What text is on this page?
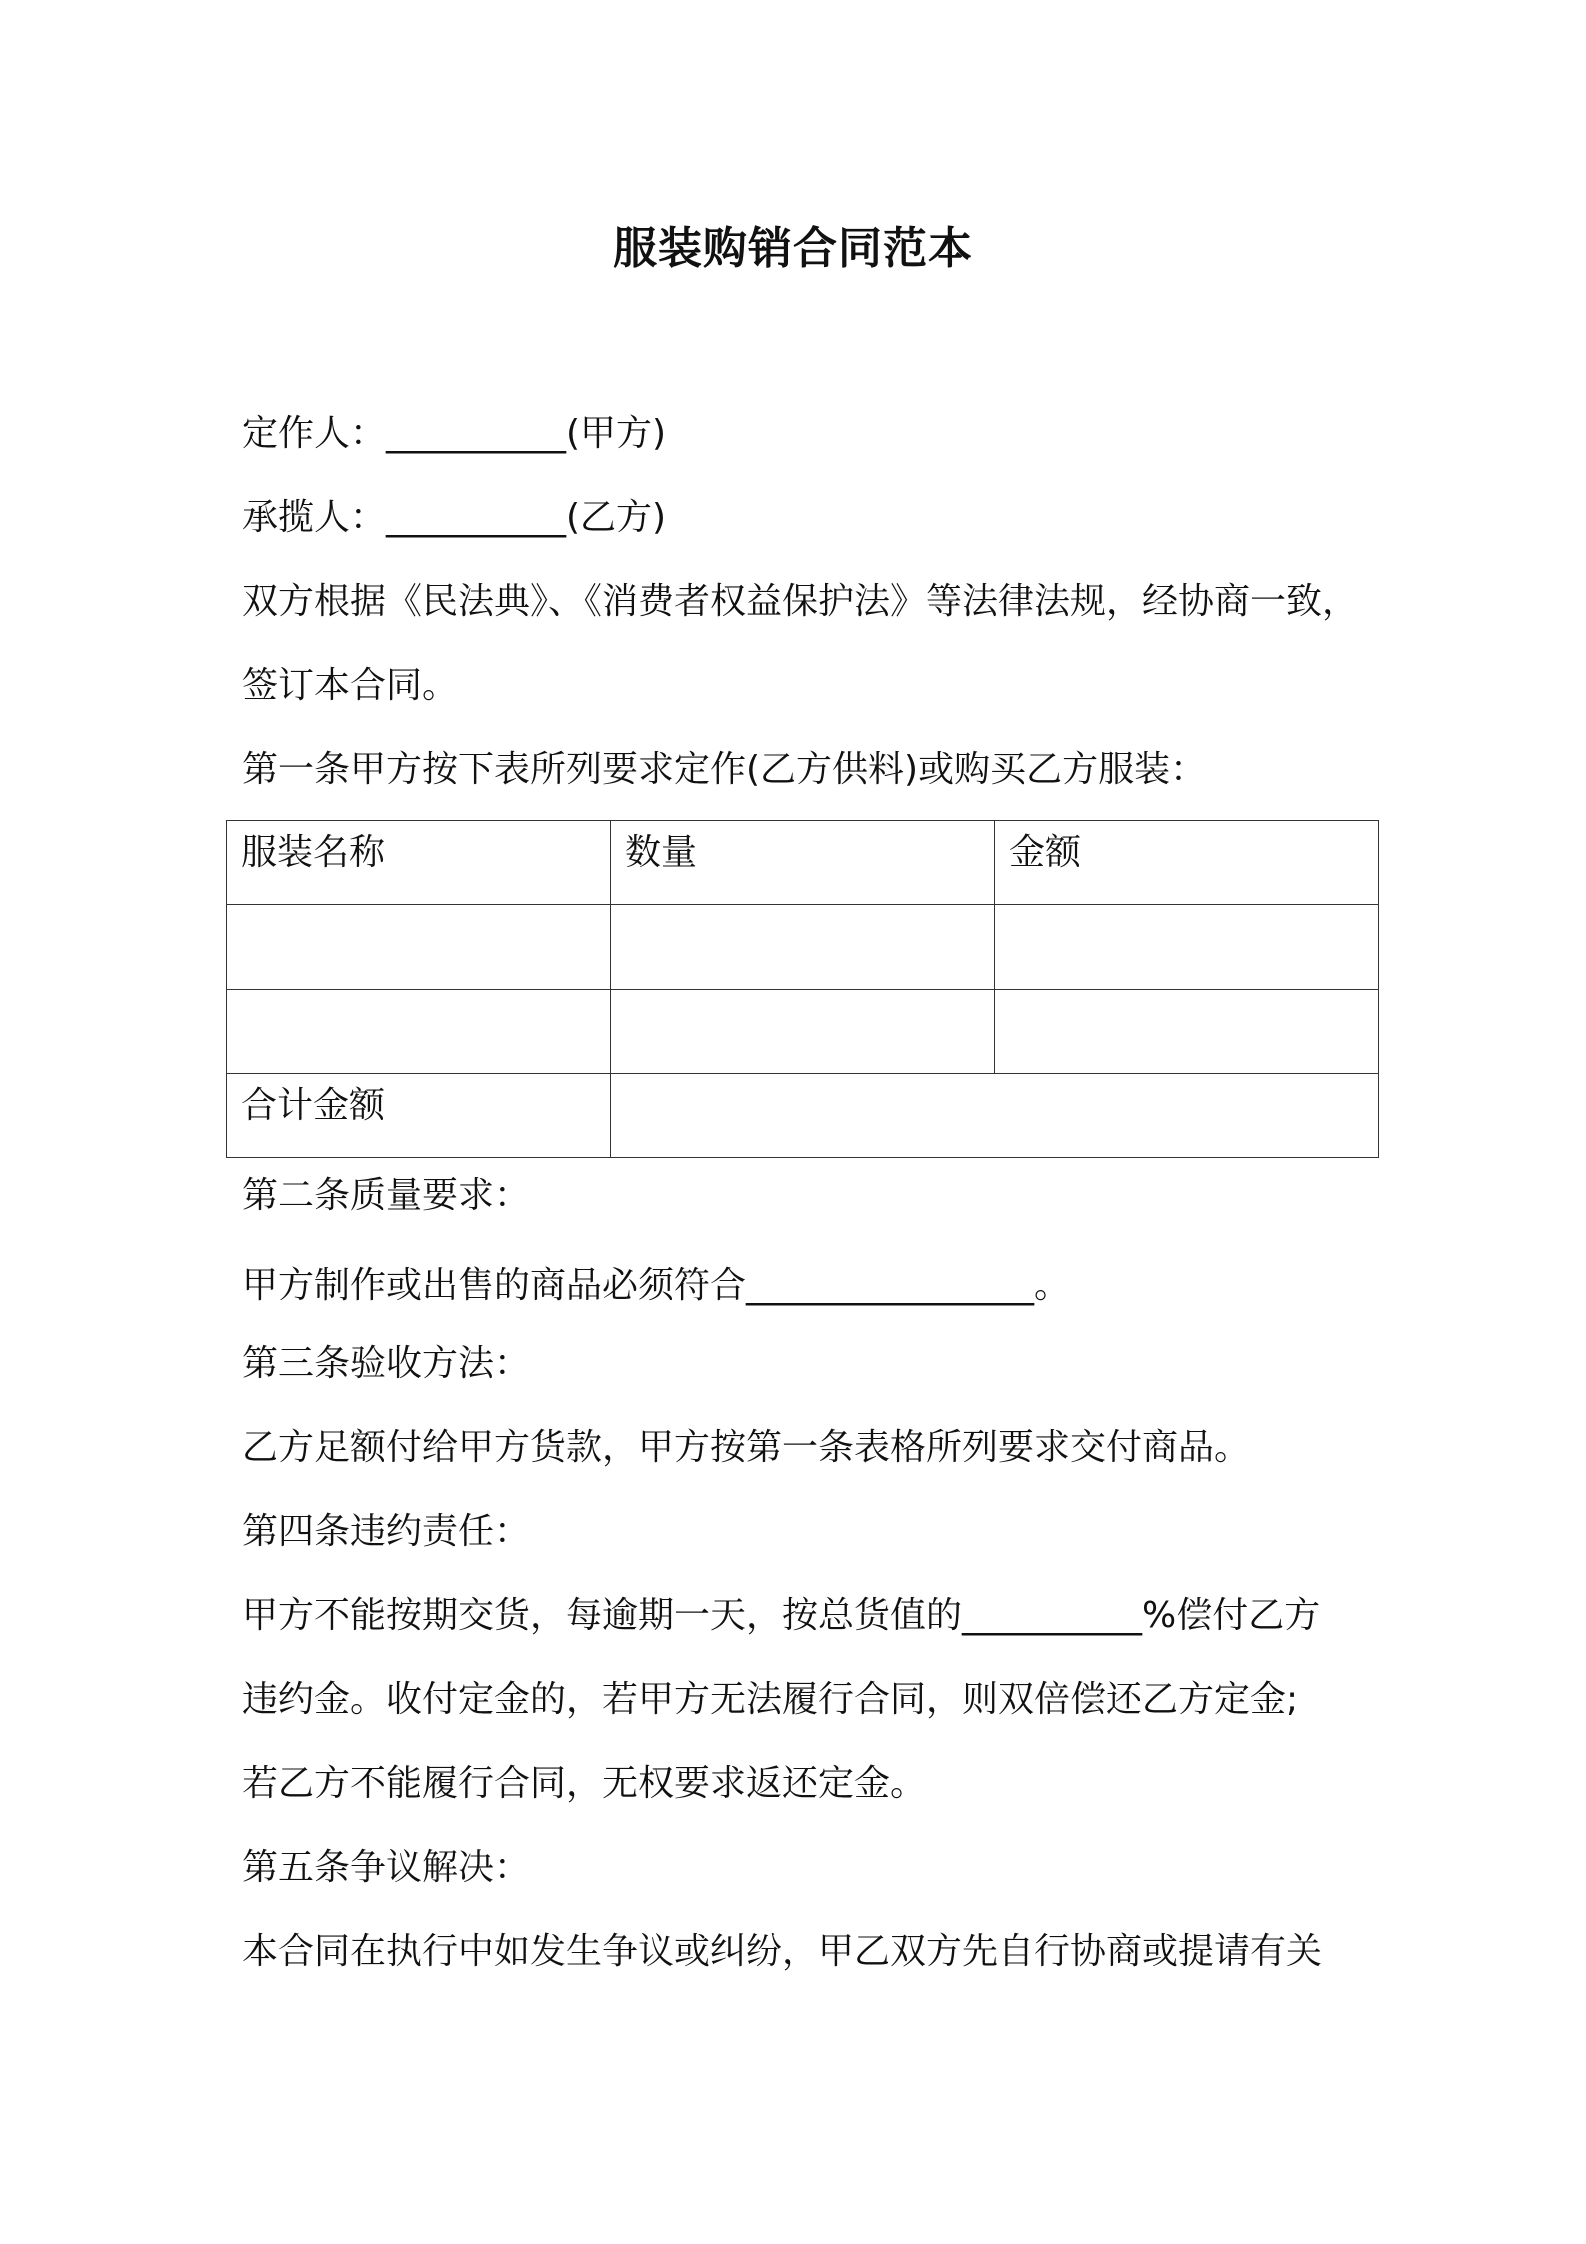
服装购销合同范本
定作人：__________(甲方)
承揽人：__________(乙方)
双方根据《民法典》、《消费者权益保护法》等法律法规，经协商一致，
签订本合同。
第一条甲方按下表所列要求定作(乙方供料)或购买乙方服装：
服装名称	数量	金额

合计金额		
第二条质量要求：
甲方制作或出售的商品必须符合________________。
第三条验收方法：
乙方足额付给甲方货款，甲方按第一条表格所列要求交付商品。
第四条违约责任：
甲方不能按期交货，每逾期一天，按总货值的__________%偿付乙方
违约金。收付定金的，若甲方无法履行合同，则双倍偿还乙方定金;
若乙方不能履行合同，无权要求返还定金。
第五条争议解决：
本合同在执行中如发生争议或纠纷，甲乙双方先自行协商或提请有关
